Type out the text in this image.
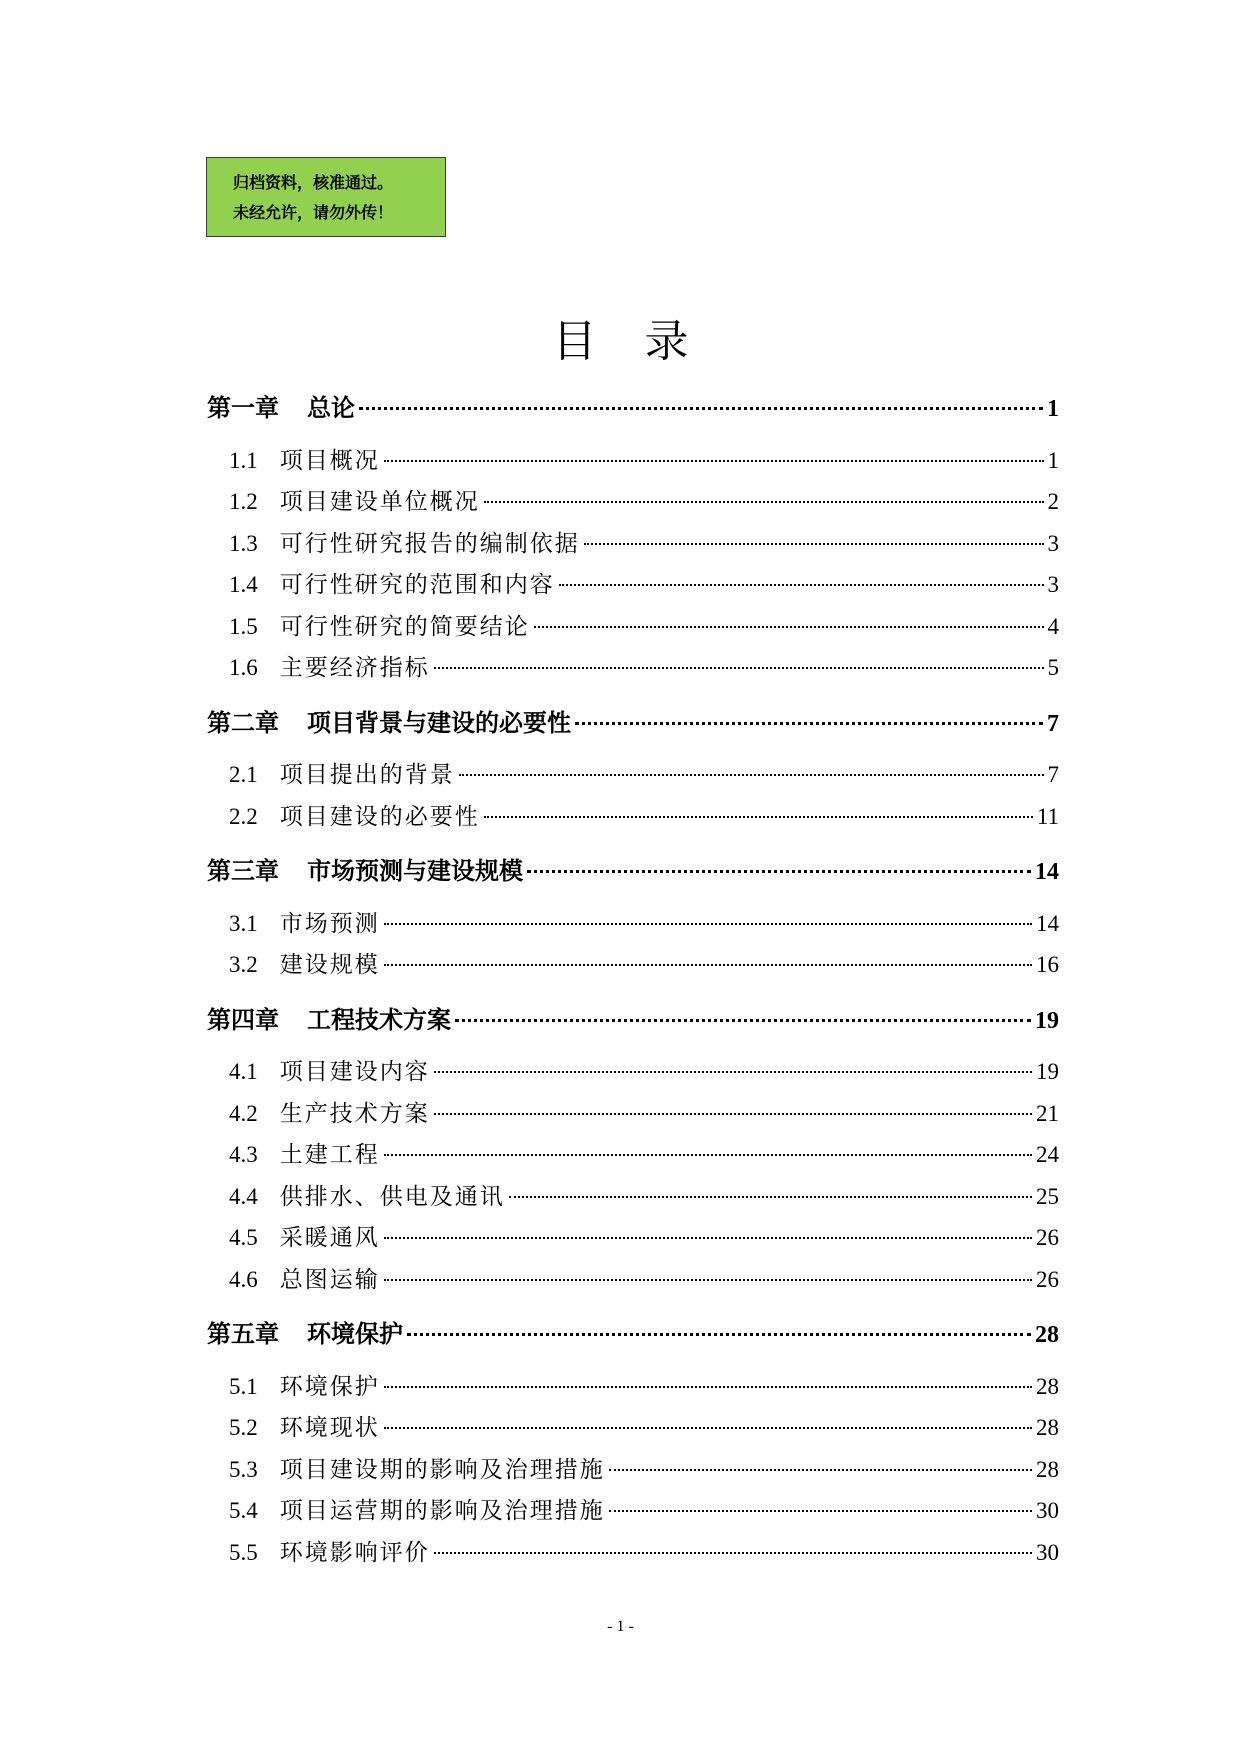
归档资料，核准通过。
未经允许，请勿外传！
目 录
第一章 总论	1
1.1 项目概况	1
1.2 项目建设单位概况	2
1.3 可行性研究报告的编制依据	3
1.4 可行性研究的范围和内容	3
1.5 可行性研究的简要结论	4
1.6 主要经济指标	5
第二章 项目背景与建设的必要性	7
2.1 项目提出的背景	7
2.2 项目建设的必要性	11
第三章 市场预测与建设规模	14
3.1 市场预测	14
3.2 建设规模	16
第四章 工程技术方案	19
4.1 项目建设内容	19
4.2 生产技术方案	21
4.3 土建工程	24
4.4 供排水、供电及通讯	25
4.5 采暖通风	26
4.6 总图运输	26
第五章 环境保护	28
5.1 环境保护	28
5.2 环境现状	28
5.3 项目建设期的影响及治理措施	28
5.4 项目运营期的影响及治理措施	30
5.5 环境影响评价	30
- 1 -
